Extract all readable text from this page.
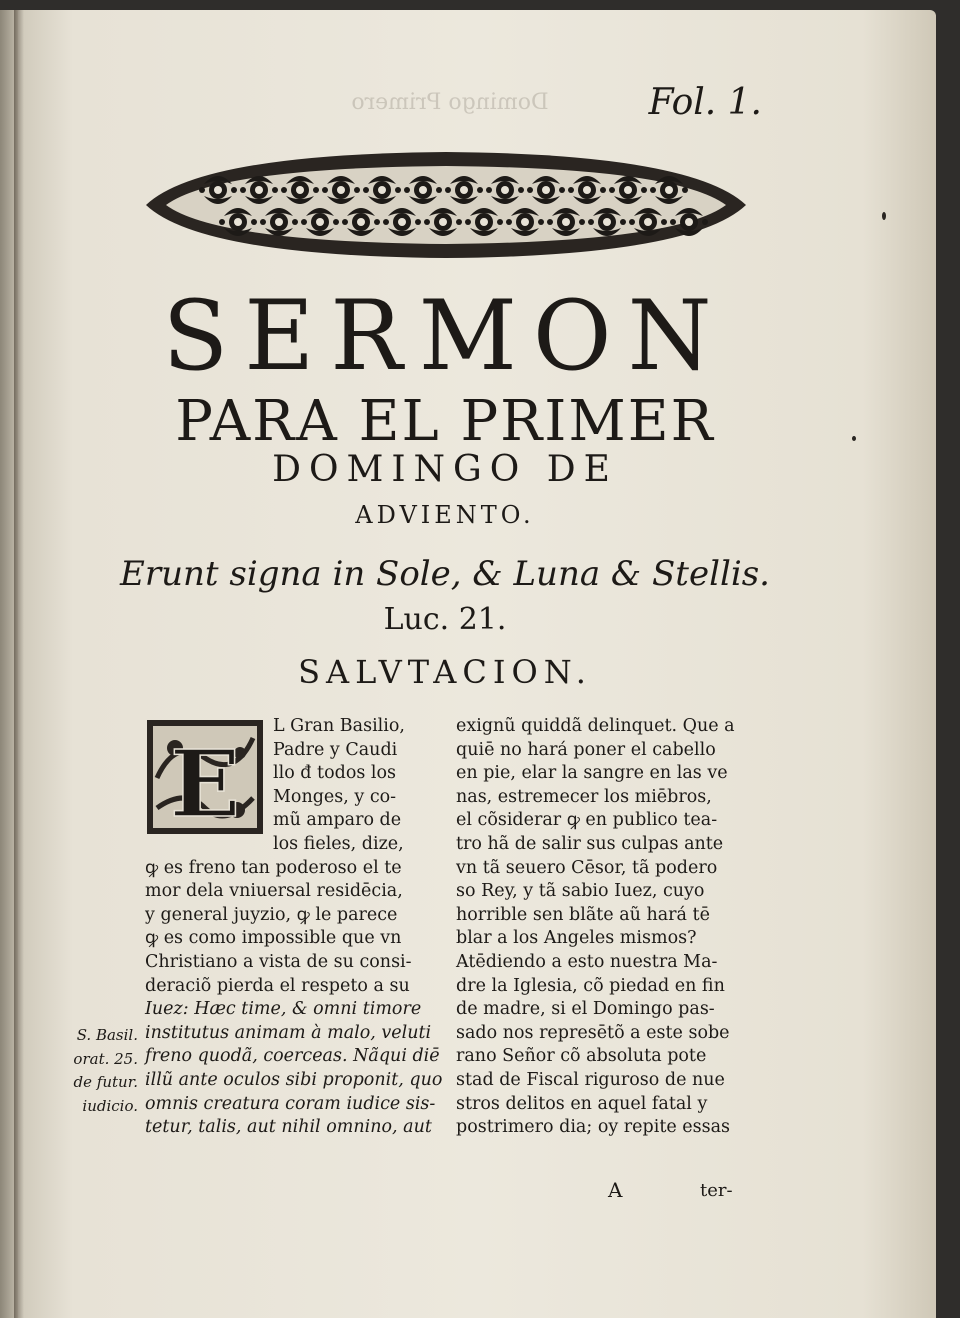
Domingo Primero	Fol. 1.
SERMON
PARA EL PRIMER
DOMINGO DE
ADVIENTO.
Erunt signa in Sole, & Luna & Stellis.
Luc. 21.
SALVTACION.
E
L Gran Basilio,
Padre y Caudi
llo đ todos los
Monges, y co-
mũ amparo de
los fieles, dize,
ꝙ es freno tan poderoso el te
mor dela vniuersal residēcia,
y general juyzio, ꝙ le parece
ꝙ es como impossible que vn
Christiano a vista de su consi-
deraciõ pierda el respeto a su
Iuez: Hæc time, & omni timore
institutus animam à malo, veluti
freno quodã, coerceas. Nãqui diē
illũ ante oculos sibi proponit, quo
omnis creatura coram iudice sis-
tetur, talis, aut nihil omnino, aut
exignũ quiddã delinquet. Que a
quiē no hará poner el cabello
en pie, elar la sangre en las ve
nas, estremecer los miēbros,
el cõsiderar ꝙ en publico tea-
tro hã de salir sus culpas ante
vn tã seuero Cēsor, tã podero
so Rey, y tã sabio Iuez, cuyo
horrible sen blãte aũ hará tē
blar a los Angeles mismos?
Atēdiendo a esto nuestra Ma-
dre la Iglesia, cõ piedad en fin
de madre, si el Domingo pas-
sado nos represētõ a este sobe
rano Señor cõ absoluta pote
stad de Fiscal riguroso de nue
stros delitos en aquel fatal y
postrimero dia; oy repite essas
S. Basil.
orat. 25.
de futur.
iudicio.
A	ter-
